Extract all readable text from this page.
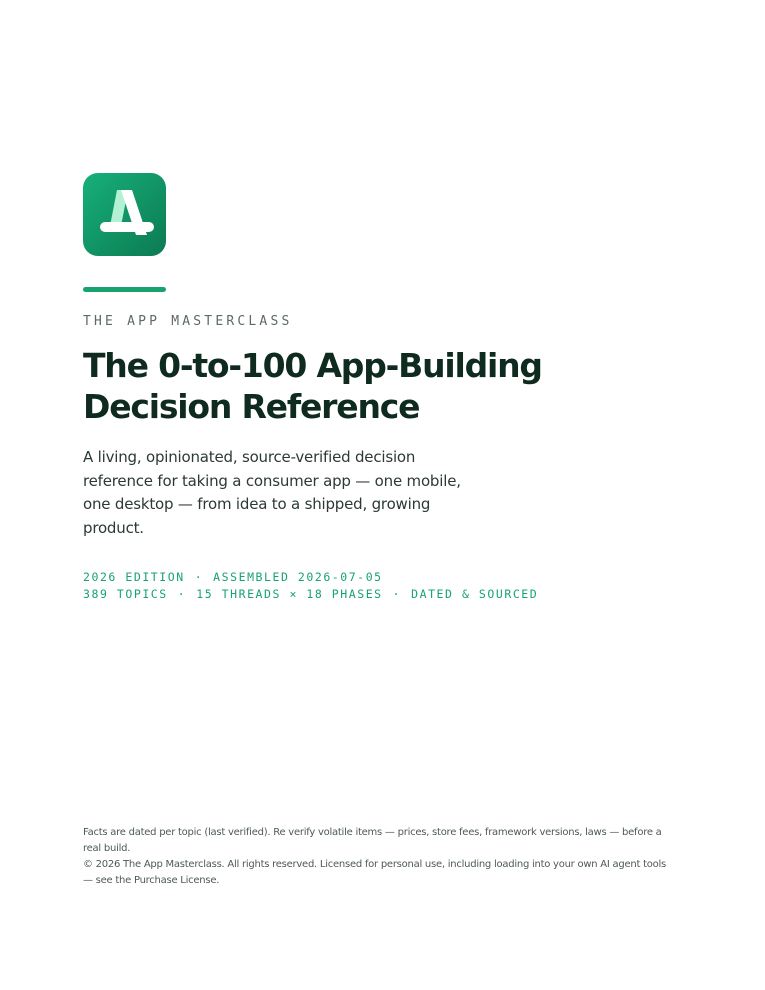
THE APP MASTERCLASS
The 0-to-100 App-Building
Decision Reference

A living, opinionated, source-verified decision reference for taking a consumer app — one mobile, one desktop — from idea to a shipped, growing product.

2026 EDITION · ASSEMBLED 2026-07-05
389 TOPICS · 15 THREADS × 18 PHASES · DATED & SOURCED

Facts are dated per topic (last verified). Re verify volatile items — prices, store fees, framework versions, laws — before a real build.

© 2026 The App Masterclass. All rights reserved. Licensed for personal use, including loading into your own AI agent tools — see the Purchase License.
